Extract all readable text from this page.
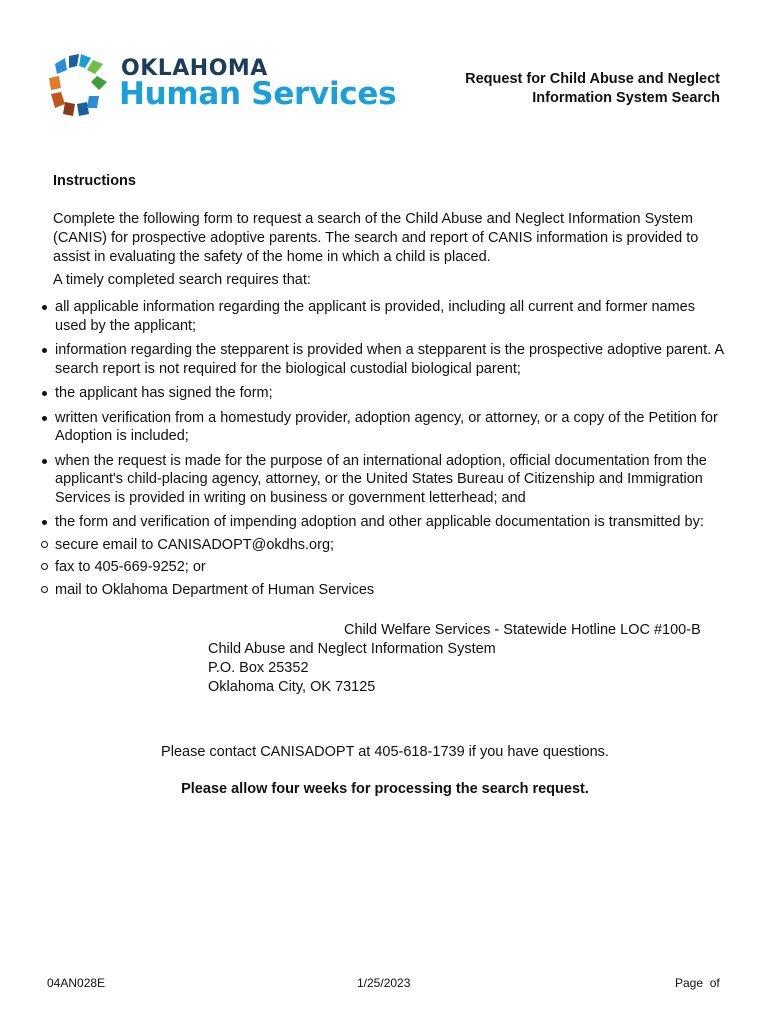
OKLAHOMA
Human Services	Request for Child Abuse and Neglect
Information System Search
Instructions
Complete the following form to request a search of the Child Abuse and Neglect Information System (CANIS) for prospective adoptive parents. The search and report of CANIS information is provided to assist in evaluating the safety of the home in which a child is placed.
A timely completed search requires that:
all applicable information regarding the applicant is provided, including all current and former names used by the applicant;
information regarding the stepparent is provided when a stepparent is the prospective adoptive parent. A search report is not required for the biological custodial biological parent;
the applicant has signed the form;
written verification from a homestudy provider, adoption agency, or attorney, or a copy of the Petition for Adoption is included;
when the request is made for the purpose of an international adoption, official documentation from the applicant's child-placing agency, attorney, or the United States Bureau of Citizenship and Immigration Services is provided in writing on business or government letterhead; and
the form and verification of impending adoption and other applicable documentation is transmitted by:
secure email to CANISADOPT@okdhs.org;
fax to 405-669-9252; or
mail to Oklahoma Department of Human Services
Child Welfare Services - Statewide Hotline LOC #100-B
Child Abuse and Neglect Information System
P.O. Box 25352
Oklahoma City, OK 73125
Please contact CANISADOPT at 405-618-1739 if you have questions.
Please allow four weeks for processing the search request.
04AN028E	1/25/2023	Page  of
